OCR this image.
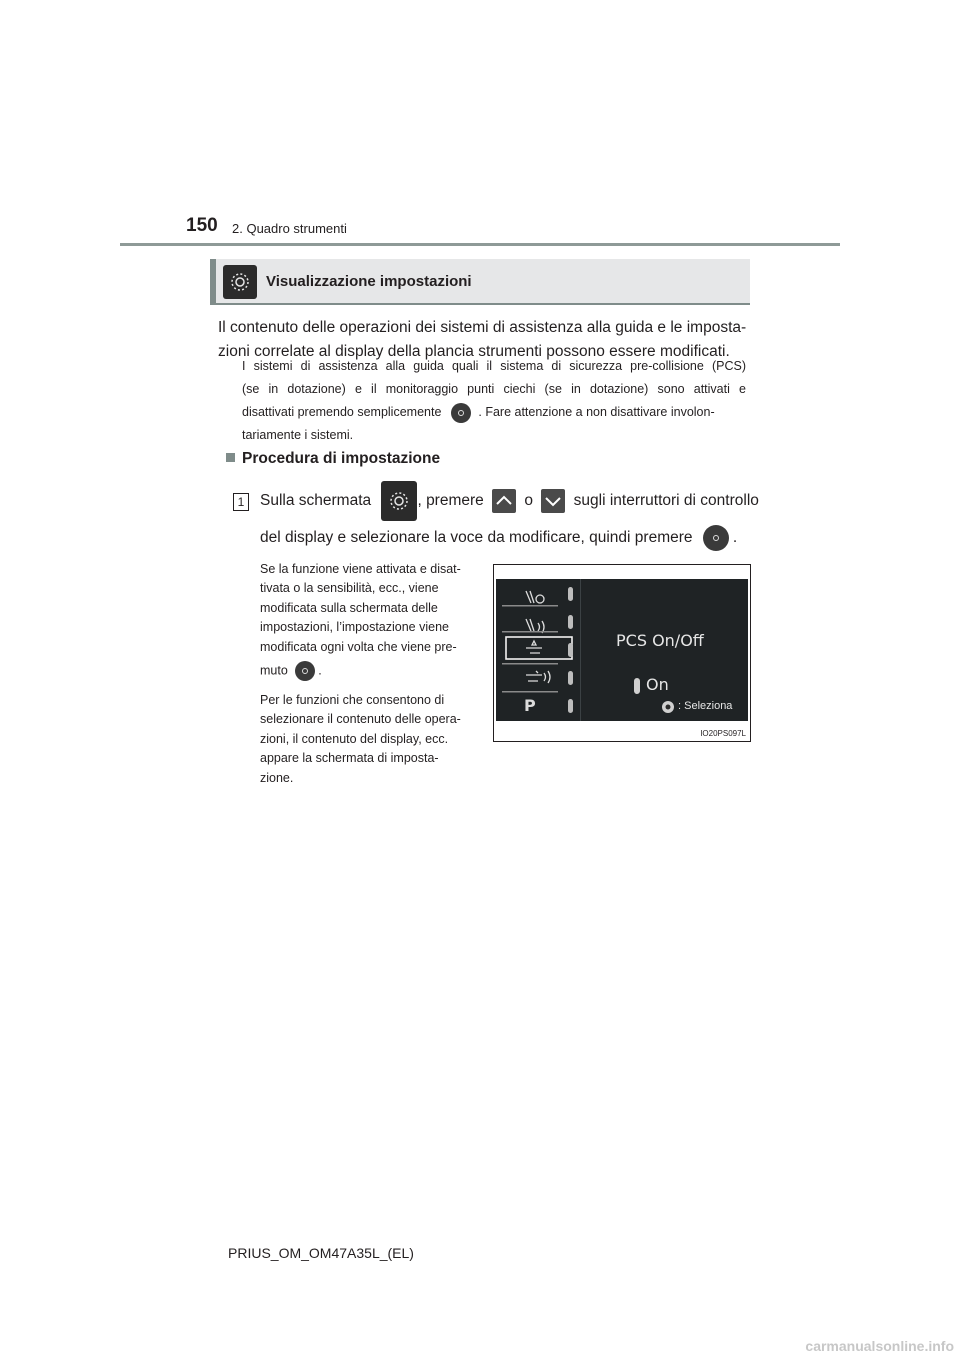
150 2. Quadro strumenti
Visualizzazione impostazioni
Il contenuto delle operazioni dei sistemi di assistenza alla guida e le imposta-
zioni correlate al display della plancia strumenti possono essere modificati.
I sistemi di assistenza alla guida quali il sistema di sicurezza pre-collisione (PCS)
(se in dotazione) e il monitoraggio punti ciechi (se in dotazione) sono attivati e
disattivati premendo semplicemente	. Fare attenzione a non disattivare involon-
tariamente i sistemi.
Procedura di impostazione
1	Sulla schermata	, premere	o	sugli interruttori di controllo
del display e selezionare la voce da modificare, quindi premere	.

Se la funzione viene attivata e disat-

tivata o la sensibilità, ecc., viene

modificata sulla schermata delle

impostazioni, l’impostazione viene

modificata ogni volta che viene pre-

muto .

Per le funzioni che consentono di

selezionare il contenuto delle opera-

zioni, il contenuto del display, ecc.

appare la schermata di imposta-

zione.

P
PCS On/Off
On
: Seleziona
IO20PS097L
PRIUS_OM_OM47A35L_(EL)
carmanualsonline.info
